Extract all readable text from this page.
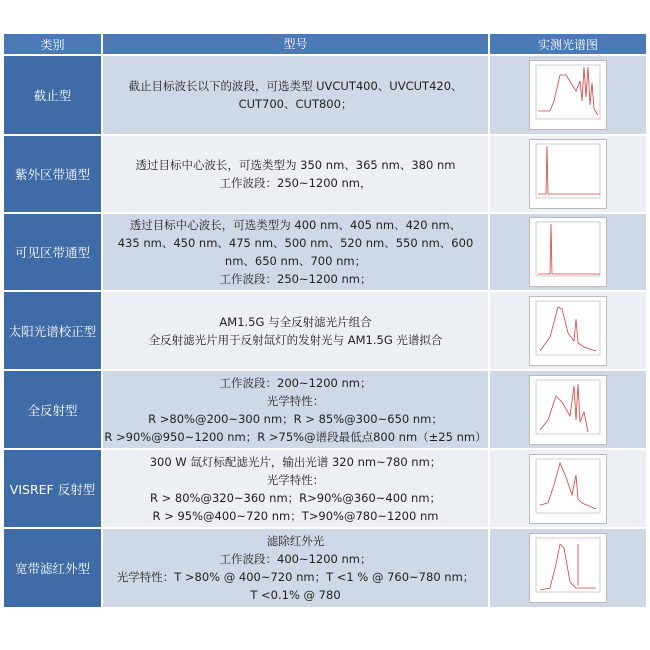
类别	型号	实测光谱图
截止型
截止目标波长以下的波段，可选类型 UVCUT400、UVCUT420、
CUT700、CUT800；
紫外区带通型
透过目标中心波长，可选类型为 350 nm、365 nm、380 nm
工作波段：250~1200 nm，
可见区带通型
透过目标中心波长，可选类型为 400 nm、405 nm、420 nm、
435 nm、450 nm、475 nm、500 nm、520 nm、550 nm、600
nm、650 nm、700 nm；
工作波段：250~1200 nm；
太阳光谱校正型
AM1.5G 与全反射滤光片组合
全反射滤光片用于反射氙灯的发射光与 AM1.5G 光谱拟合
全反射型
工作波段：200~1200 nm；
光学特性：
R >80%@200~300 nm；R > 85%@300~650 nm；
R >90%@950~1200 nm；R >75%@谱段最低点800 nm（±25 nm）
VISREF 反射型
300 W 氙灯标配滤光片，输出光谱 320 nm~780 nm；
光学特性：
R > 80%@320~360 nm；R>90%@360~400 nm；
R > 95%@400~720 nm；T>90%@780~1200 nm
宽带滤红外型
滤除红外光
工作波段：400~1200 nm；
光学特性：T >80% @ 400~720 nm；T <1 % @ 760~780 nm；
T <0.1% @ 780
